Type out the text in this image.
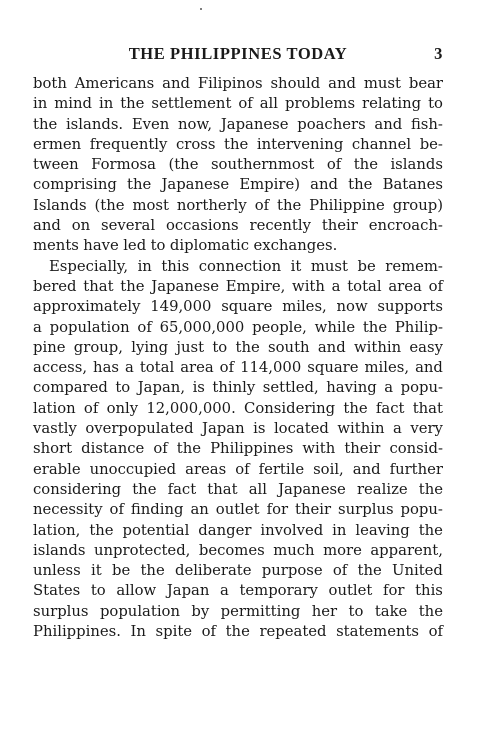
THE PHILIPPINES TODAY	3
both Americans and Filipinos should and must bear
in mind in the settlement of all problems relating to
the islands. Even now, Japanese poachers and fish-
ermen frequently cross the intervening channel be-
tween Formosa (the southernmost of the islands
comprising the Japanese Empire) and the Batanes
Islands (the most northerly of the Philippine group)
and on several occasions recently their encroach-
ments have led to diplomatic exchanges.
Especially, in this connection it must be remem-
bered that the Japanese Empire, with a total area of
approximately 149,000 square miles, now supports
a population of 65,000,000 people, while the Philip-
pine group, lying just to the south and within easy
access, has a total area of 114,000 square miles, and
compared to Japan, is thinly settled, having a popu-
lation of only 12,000,000. Considering the fact that
vastly overpopulated Japan is located within a very
short distance of the Philippines with their consid-
erable unoccupied areas of fertile soil, and further
considering the fact that all Japanese realize the
necessity of finding an outlet for their surplus popu-
lation, the potential danger involved in leaving the
islands unprotected, becomes much more apparent,
unless it be the deliberate purpose of the United
States to allow Japan a temporary outlet for this
surplus population by permitting her to take the
Philippines. In spite of the repeated statements of
